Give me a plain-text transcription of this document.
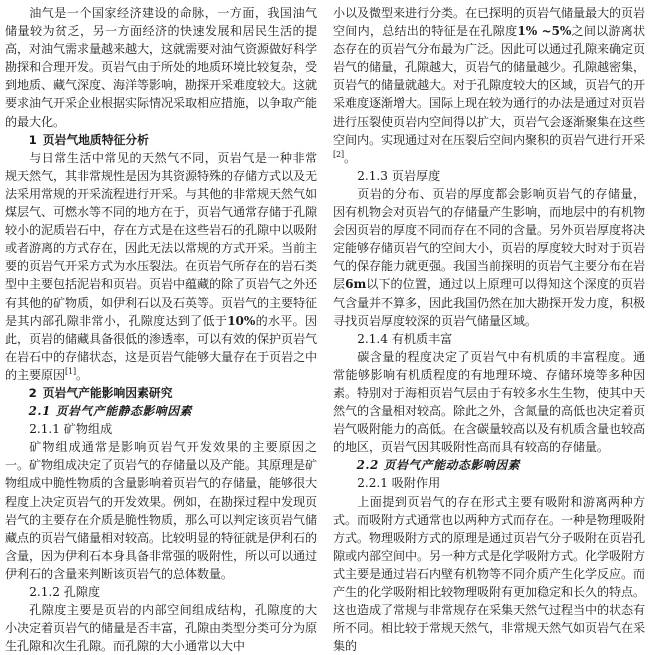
油气是一个国家经济建设的命脉，一方面，我国油气储量较为贫乏，另一方面经济的快速发展和居民生活的提高，对油气需求量越来越大，这就需要对油气资源做好科学勘探和合理开发。页岩气由于所处的地质环境比较复杂，受到地质、藏气深度、海洋等影响，勘探开采难度较大。这就要求油气开采企业根据实际情况采取相应措施，以争取产能的最大化。

1  页岩气地质特征分析

与日常生活中常见的天然气不同，页岩气是一种非常规天然气，其非常规性是因为其资源特殊的存储方式以及无法采用常规的开采流程进行开采。与其他的非常规天然气如煤层气、可燃水等不同的地方在于，页岩气通常存储于孔隙较小的泥质岩石中，存在方式是在这些岩石的孔隙中以吸附或者游离的方式存在，因此无法以常规的方式开采。当前主要的页岩气开采方式为水压裂法。在页岩气所存在的岩石类型中主要包括泥岩和页岩。页岩中蕴藏的除了页岩气之外还有其他的矿物质，如伊利石以及石英等。页岩气的主要特征是其内部孔隙非常小，孔隙度达到了低于10%的水平。因此，页岩的储藏具备很低的渗透率，可以有效的保护页岩气在岩石中的存储状态，这是页岩气能够大量存在于页岩之中的主要原因[1]。

2  页岩气产能影响因素研究
2.1 页岩气产能静态影响因素
2.1.1 矿物组成

矿物组成通常是影响页岩气开发效果的主要原因之一。矿物组成决定了页岩气的存储量以及产能。其原理是矿物组成中脆性物质的含量影响着页岩气的存储量，能够很大程度上决定页岩气的开发效果。例如，在勘探过程中发现页岩气的主要存在介质是脆性物质，那么可以判定该页岩气储藏点的页岩气储量相对较高。比较明显的特征就是伊利石的含量，因为伊利石本身具备非常强的吸附性，所以可以通过伊利石的含量来判断该页岩气的总体数量。

2.1.2 孔隙度

孔隙度主要是页岩的内部空间组成结构，孔隙度的大小决定着页岩气的储量是否丰富，孔隙由类型分类可分为原生孔隙和次生孔隙。而孔隙的大小通常以大中

小以及微型来进行分类。在已探明的页岩气储量最大的页岩空间内，总结出的特征是在孔隙度1% ~5%之间以游离状态存在的页岩气分布最为广泛。因此可以通过孔隙来确定页岩气的储量，孔隙越大，页岩气的储量越少。孔隙越密集，页岩气的储量就越大。对于孔隙度较大的区域，页岩气的开采难度逐渐增大。国际上现在较为通行的办法是通过对页岩进行压裂使页岩内空间得以扩大，页岩气会逐渐聚集在这些空间内。实现通过对在压裂后空间内聚积的页岩气进行开采[2]。

2.1.3 页岩厚度

页岩的分布、页岩的厚度都会影响页岩气的存储量，因有机物会对页岩气的存储量产生影响，而地层中的有机物会因页岩的厚度不同而存在不同的含量。另外页岩厚度将决定能够存储页岩气的空间大小，页岩的厚度较大时对于页岩气的保存能力就更强。我国当前探明的页岩气主要分布在岩层6m以下的位置，通过以上原理可以得知这个深度的页岩气含量并不算多，因此我国仍然在加大勘探开发力度，积极寻找页岩厚度较深的页岩气储量区域。

2.1.4 有机质丰富

碳含量的程度决定了页岩气中有机质的丰富程度。通常能够影响有机质程度的有地理环境、存储环境等多种因素。特别对于海相页岩气层由于有较多水生生物，使其中天然气的含量相对较高。除此之外，含氮量的高低也决定着页岩气吸附能力的高低。在含碳量较高以及有机质含量也较高的地区，页岩气因其吸附性高而具有较高的存储量。

2.2 页岩气产能动态影响因素
2.2.1 吸附作用

上面提到页岩气的存在形式主要有吸附和游离两种方式。而吸附方式通常也以两种方式而存在。一种是物理吸附方式。物理吸附方式的原理是通过页岩气分子吸附在页岩孔隙或内部空间中。另一种方式是化学吸附方式。化学吸附方式主要是通过岩石内壁有机物等不同介质产生化学反应。而产生的化学吸附相比较物理吸附有更加稳定和长久的特点。这也造成了常规与非常规存在采集天然气过程当中的状态有所不同。相比较于常规天然气，非常规天然气如页岩气在采集的
